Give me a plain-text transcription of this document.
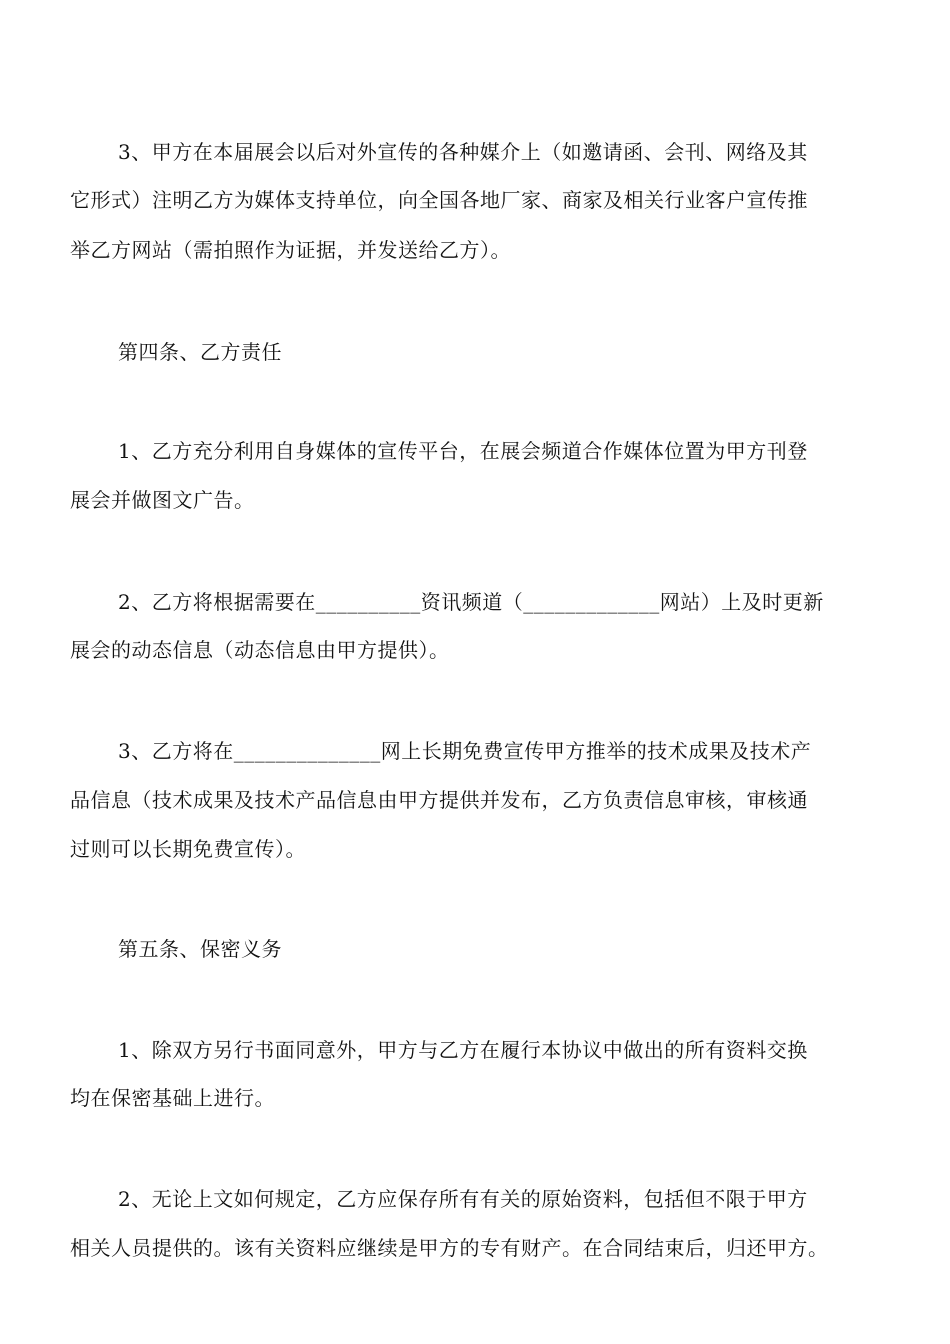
3、甲方在本届展会以后对外宣传的各种媒介上（如邀请函、会刊、网络及其
它形式）注明乙方为媒体支持单位，向全国各地厂家、商家及相关行业客户宣传推
举乙方网站（需拍照作为证据，并发送给乙方）。
第四条、乙方责任
1、乙方充分利用自身媒体的宣传平台，在展会频道合作媒体位置为甲方刊登
展会并做图文广告。
2、乙方将根据需要在__________资讯频道（_____________网站）上及时更新
展会的动态信息（动态信息由甲方提供）。
3、乙方将在______________网上长期免费宣传甲方推举的技术成果及技术产
品信息（技术成果及技术产品信息由甲方提供并发布，乙方负责信息审核，审核通
过则可以长期免费宣传）。
第五条、保密义务
1、除双方另行书面同意外，甲方与乙方在履行本协议中做出的所有资料交换
均在保密基础上进行。
2、无论上文如何规定，乙方应保存所有有关的原始资料，包括但不限于甲方
相关人员提供的。该有关资料应继续是甲方的专有财产。在合同结束后，归还甲方。
